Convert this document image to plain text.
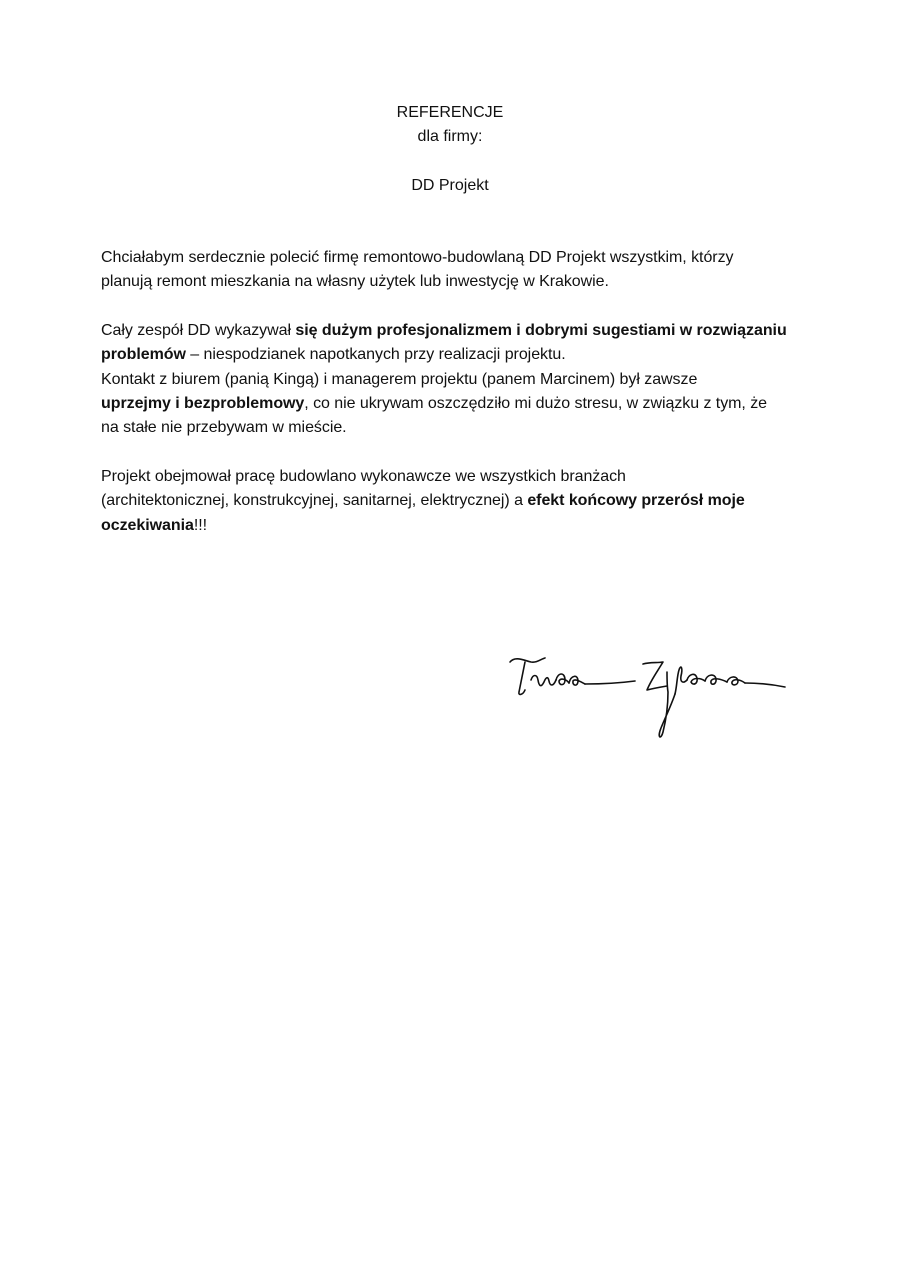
REFERENCJE
dla firmy:
DD Projekt

Chciałabym serdecznie polecić firmę remontowo-budowlaną DD Projekt wszystkim, którzy
planują remont mieszkania na własny użytek lub inwestycję w Krakowie.

Cały zespół DD wykazywał się dużym profesjonalizmem i dobrymi sugestiami w rozwiązaniu
problemów – niespodzianek napotkanych przy realizacji projektu.
Kontakt z biurem (panią Kingą) i managerem projektu (panem Marcinem) był zawsze
uprzejmy i bezproblemowy, co nie ukrywam oszczędziło mi dużo stresu, w związku z tym, że
na stałe nie przebywam w mieście.

Projekt obejmował pracę budowlano wykonawcze we wszystkich branżach
(architektonicznej, konstrukcyjnej, sanitarnej, elektrycznej) a efekt końcowy przerósł moje
oczekiwania!!!
